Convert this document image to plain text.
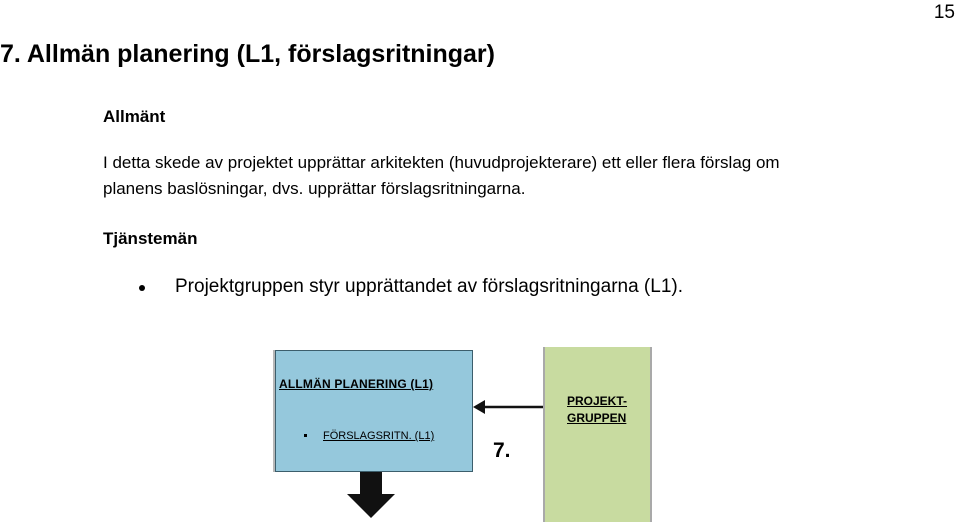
15
7. Allmän planering (L1, förslagsritningar)
Allmänt
I detta skede av projektet upprättar arkitekten (huvudprojekterare) ett eller flera förslag om
planens baslösningar, dvs. upprättar förslagsritningarna.
Tjänstemän
Projektgruppen styr upprättandet av förslagsritningarna (L1).
ALLMÄN PLANERING (L1)
FÖRSLAGSRITN. (L1)
7.
PROJEKT-
GRUPPEN
